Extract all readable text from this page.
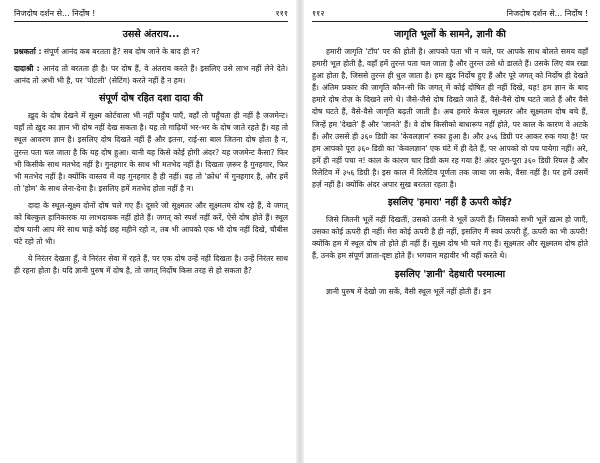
निजदोष दर्शन से... निर्दोष !	१११
उससे अंतराय...

प्रश्नकर्ता : संपूर्ण आनंद कब बरतता है? सब दोष जाने के बाद ही न?

दादाश्री : आनंद तो बरतता ही है। पर दोष हैं, वे अंतराय करते हैं। इसलिए उसे लाभ नहीं लेने देते। आनंद तो अभी भी है, पर 'पोटली' (सेटिंग) करते नहीं है न हम।

संपूर्ण दोष रहित दशा दादा की

ख़ुद के दोष देखने में सूक्ष्म कोर्टवाला भी नहीं पहुँच पाएँ, वहाँ तो पहुँचता ही नहीं है जजमेन्ट। वहाँ तो ख़ुद का ज्ञान भी दोष नहीं देख सकता है। यह तो गाढ़ियों भर-भर के दोष जाते रहते हैं। यह तो स्थूल आवरण ज्ञान है। इसलिए दोष दिखते नहीं हैं और इतना, राई-सा बाल जितना दोष होता है न, तुरन्त पता चल जाता है कि यह दोष हुआ। यानी यह किसे कोई होगी अंदर? यह जजमेन्ट कैसा? फिर भी किसीके साथ मतभेद नहीं है। गुनहगार के साथ भी मतभेद नहीं है। दिखता ज़रूर है गुनहगार, फिर भी मतभेद नहीं है। क्योंकि वास्तव में वह गुनहगार है ही नहीं। वह तो 'क्रोध' में गुनहगार है, और हमें तो 'होम' के साथ लेना-देना है। इसलिए हमें मतभेद होता नहीं है न।

दादा के स्थूल-सूक्ष्म दोनों दोष चले गए हैं। दूसरे जो सूक्ष्मतर और सूक्ष्मतम दोष रहे हैं, वे जगत् को बिल्कुल हानिकारक या लाभदायक नहीं होते हैं। जगत् को स्पर्श नहीं करें, ऐसे दोष होते हैं। स्थूल दोष यानी आप मेरे साथ चाहे कोई छह महीने रहो न, तब भी आपको एक भी दोष नहीं दिखे, चौबीस घंटे रहो तो भी।

ये निरंतर देखता हूँ, वे निरंतर सेवा में रहते हैं, पर एक दोष उन्हें नहीं दिखता है। उन्हें निरंतर साथ ही रहना होता है। यदि ज्ञानी पुरुष में दोष है, तो जगत् निर्दोष किस तरह से हो सकता है?

११२	निजदोष दर्शन से... निर्दोष !
जागृति भूलों के सामने, ज्ञानी की

हमारी जागृति 'टॉप' पर की होती है। आपको पता भी न चले, पर आपके साथ बोलते समय वहाँ हमारी भूल होती है, वहाँ हमें तुरन्त पता चल जाता है और तुरन्त उसे धो डालते हैं। उसके लिए यंत्र रखा हुआ होता है, जिससे तुरन्त ही धुल जाता है। हम ख़ुद निर्दोष हुए हैं और पूरे जगत् को निर्दोष ही देखते हैं। अंतिम प्रकार की जागृति कौन-सी कि जगत् में कोई दोषित ही नहीं दिखे, यह! हम ज्ञान के बाद हमारे दोष रोज़ के दिखने लगे थे। जैसे-जैसे दोष दिखते जाते हैं, वैसे-वैसे दोष घटते जाते हैं और वैसे दोष घटते हैं, वैसे-वैसे जागृति बढ़ती जाती है। अब हमारे केवल सूक्ष्मतर और सूक्ष्मतम दोष बचे हैं, जिन्हें हम 'देखते' हैं और 'जानते' हैं। वे दोष किसीको बाधारूप नहीं होते, पर काल के कारण वे अटके हैं। और उससे ही ३६० डिग्री का 'केवलज्ञान' रुका हुआ है। और ३५६ डिग्री पर आकर रुक गया है! पर हम आपको पूरा ३६० डिग्री का 'केवलज्ञान' एक घंटे में ही देते हैं, पर आपको वो पच पायेगा नहीं। अरे, हमें ही नहीं पचा न! काल के कारण चार डिग्री कम रह गया है! अंदर पूरा-पूरा ३६० डिग्री रियल है और रिलेटिव में ३५६ डिग्री है। इस काल में रिलेटिव पूर्णता तक जाया जा सके, वैसा नहीं है। पर हमें उसमें हर्ज़ नहीं है। क्योंकि अंदर अपार सुख बरतता रहता है।

इसलिए 'हमारा' नहीं है ऊपरी कोई?

जिसे जितनी भूलें नहीं दिखतीं, उसको उतनी वे भूलें ऊपरी हैं। जिसको सभी भूलें ख़त्म हो जाएँ, उसका कोई ऊपरी ही नहीं। मेरा कोई ऊपरी है ही नहीं, इसलिए मैं स्वयं ऊपरी हूँ, ऊपरी का भी ऊपरी! क्योंकि हम में स्थूल दोष तो होते ही नहीं हैं। सूक्ष्म दोष भी चले गए हैं। सूक्ष्मतर और सूक्ष्मतम दोष होते हैं, उनके हम संपूर्ण ज्ञाता-दृष्टा होते हैं। भगवान महावीर भी वहीं करते थे।

इसलिए 'ज्ञानी' देहधारी परमात्मा

ज्ञानी पुरुष में देखो जा सकें, वैसी स्थूल भूलें नहीं होती हैं। इन
